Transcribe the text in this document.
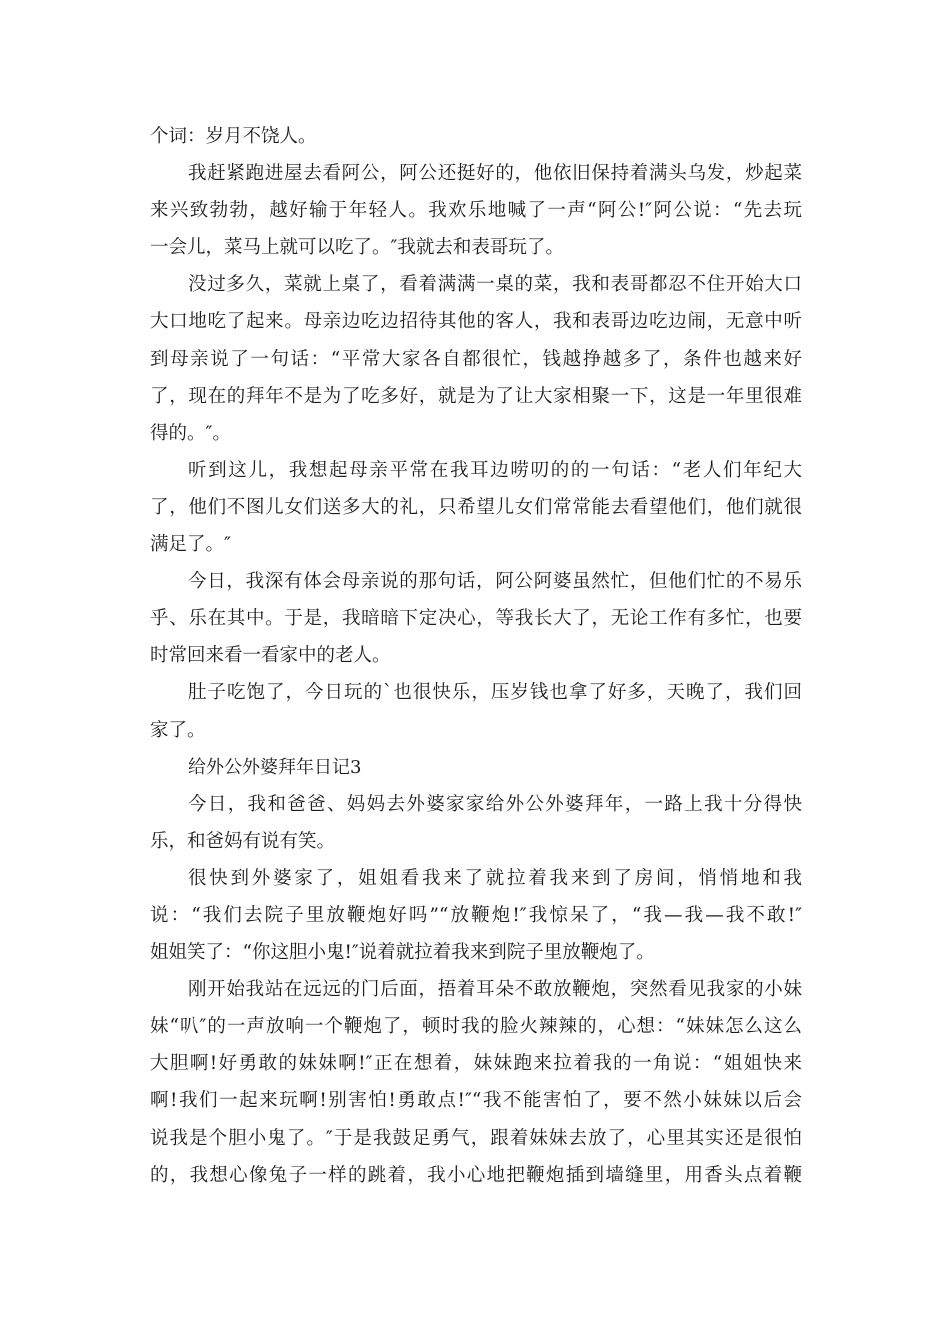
个词：岁月不饶人。
我赶紧跑进屋去看阿公，阿公还挺好的，他依旧保持着满头乌发，炒起菜
来兴致勃勃，越好输于年轻人。我欢乐地喊了一声“阿公!″阿公说：“先去玩
一会儿，菜马上就可以吃了。″我就去和表哥玩了。
没过多久，菜就上桌了，看着满满一桌的菜，我和表哥都忍不住开始大口
大口地吃了起来。母亲边吃边招待其他的客人，我和表哥边吃边闹，无意中听
到母亲说了一句话：“平常大家各自都很忙，钱越挣越多了，条件也越来好
了，现在的拜年不是为了吃多好，就是为了让大家相聚一下，这是一年里很难
得的。″。
听到这儿，我想起母亲平常在我耳边唠叨的的一句话：“老人们年纪大
了，他们不图儿女们送多大的礼，只希望儿女们常常能去看望他们，他们就很
满足了。″
今日，我深有体会母亲说的那句话，阿公阿婆虽然忙，但他们忙的不易乐
乎、乐在其中。于是，我暗暗下定决心，等我长大了，无论工作有多忙，也要
时常回来看一看家中的老人。
肚子吃饱了，今日玩的`也很快乐，压岁钱也拿了好多，天晚了，我们回
家了。
给外公外婆拜年日记3
今日，我和爸爸、妈妈去外婆家家给外公外婆拜年，一路上我十分得快
乐，和爸妈有说有笑。
很快到外婆家了，姐姐看我来了就拉着我来到了房间，悄悄地和我
说：“我们去院子里放鞭炮好吗”“放鞭炮!″我惊呆了，“我—我—我不敢!″
姐姐笑了：“你这胆小鬼!″说着就拉着我来到院子里放鞭炮了。
刚开始我站在远远的门后面，捂着耳朵不敢放鞭炮，突然看见我家的小妹
妹“叭″的一声放响一个鞭炮了，顿时我的脸火辣辣的，心想：“妹妹怎么这么
大胆啊!好勇敢的妹妹啊!″正在想着，妹妹跑来拉着我的一角说：“姐姐快来
啊!我们一起来玩啊!别害怕!勇敢点!″“我不能害怕了，要不然小妹妹以后会
说我是个胆小鬼了。″于是我鼓足勇气，跟着妹妹去放了，心里其实还是很怕
的，我想心像兔子一样的跳着，我小心地把鞭炮插到墙缝里，用香头点着鞭
